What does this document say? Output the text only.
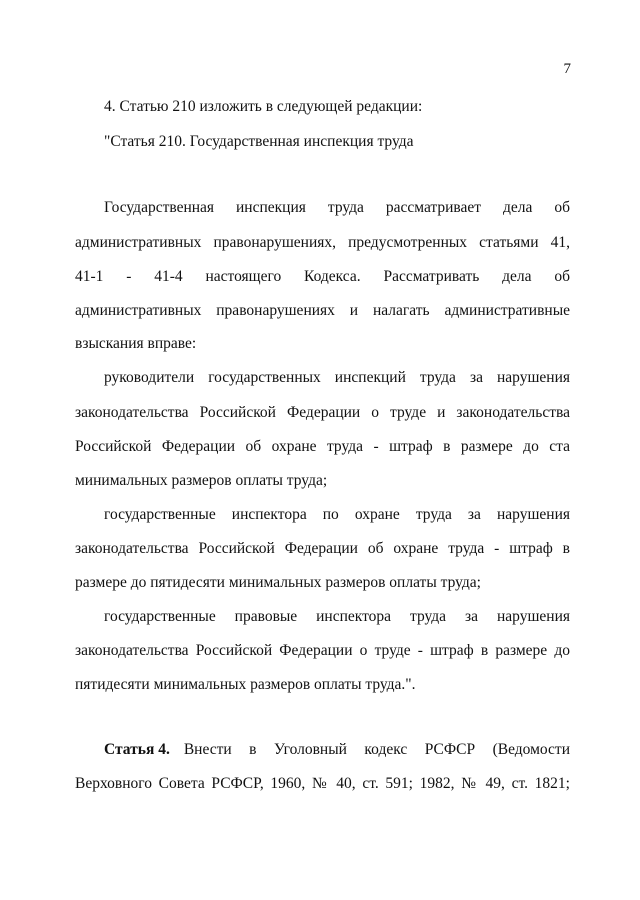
7
4. Статью 210 изложить в следующей редакции:
"Статья 210. Государственная инспекция труда
Государственная инспекция труда рассматривает дела об
административных правонарушениях, предусмотренных статьями 41,
41-1 - 41-4 настоящего Кодекса. Рассматривать дела об
административных правонарушениях и налагать административные
взыскания вправе:
руководители государственных инспекций труда за нарушения
законодательства Российской Федерации о труде и законодательства
Российской Федерации об охране труда - штраф в размере до ста
минимальных размеров оплаты труда;
государственные инспектора по охране труда за нарушения
законодательства Российской Федерации об охране труда - штраф в
размере до пятидесяти минимальных размеров оплаты труда;
государственные правовые инспектора труда за нарушения
законодательства Российской Федерации о труде - штраф в размере до
пятидесяти минимальных размеров оплаты труда.".
Статья 4. Внести в Уголовный кодекс РСФСР (Ведомости
Верховного Совета РСФСР, 1960, № 40, ст. 591; 1982, № 49, ст. 1821;
